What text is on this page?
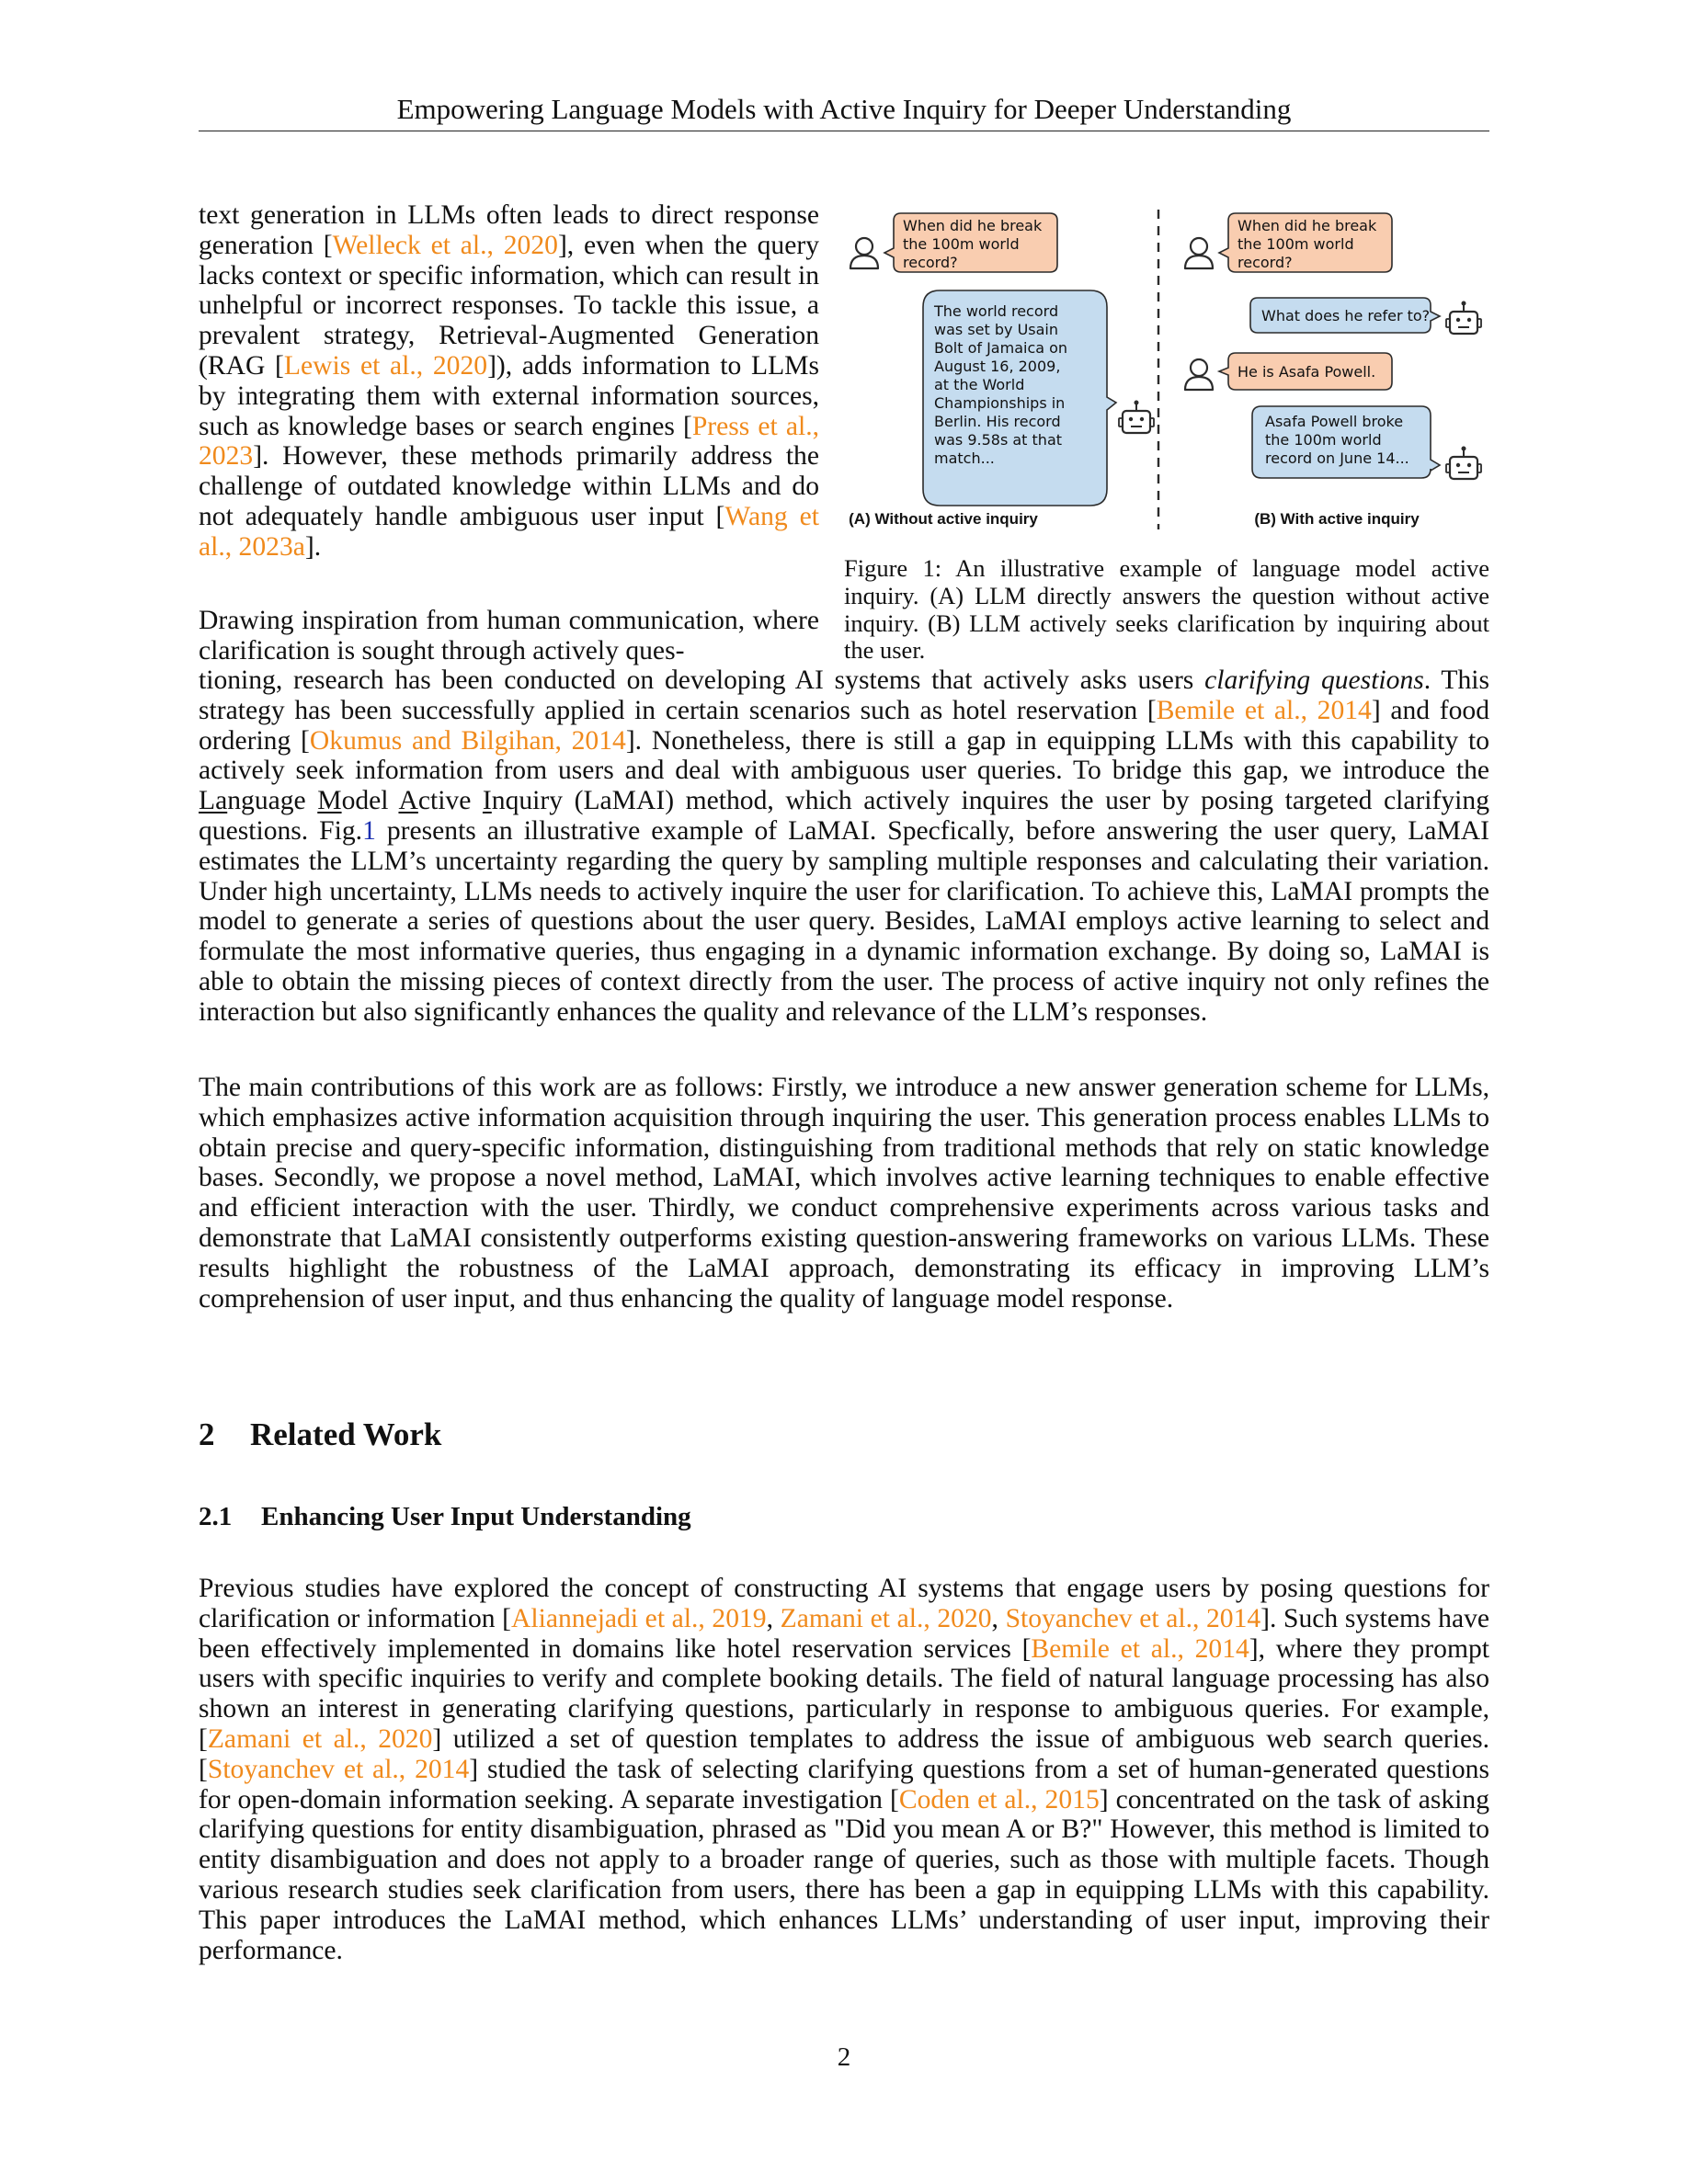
Empowering Language Models with Active Inquiry for Deeper Understanding

text generation in LLMs often leads to direct response generation [Welleck et al., 2020], even when the query lacks context or specific information, which can result in unhelpful or incorrect responses. To tackle this issue, a prevalent strategy, Retrieval-Augmented Generation (RAG [Lewis et al., 2020]), adds information to LLMs by integrating them with external information sources, such as knowledge bases or search engines [Press et al., 2023]. However, these methods primarily address the challenge of outdated knowledge within LLMs and do not adequately handle ambiguous user input [Wang et al., 2023a].

Drawing inspiration from human communication, where clarification is sought through actively ques-
When did he break
the 100m world
record?
The world record
was set by Usain
Bolt of Jamaica on
August 16, 2009,
at the World
Championships in
Berlin. His record
was 9.58s at that
match...
(A) Without active inquiry
When did he break
the 100m world
record?
What does he refer to?
He is Asafa Powell.
Asafa Powell broke
the 100m world
record on June 14...
(B) With active inquiry
Figure 1: An illustrative example of language model active inquiry. (A) LLM directly answers the question without active inquiry. (B) LLM actively seeks clarification by inquiring about the user.

tioning, research has been conducted on developing AI systems that actively asks users clarifying questions. This strategy has been successfully applied in certain scenarios such as hotel reservation [Bemile et al., 2014] and food ordering [Okumus and Bilgihan, 2014]. Nonetheless, there is still a gap in equipping LLMs with this capability to actively seek information from users and deal with ambiguous user queries. To bridge this gap, we introduce the Language Model Active Inquiry (LaMAI) method, which actively inquires the user by posing targeted clarifying questions. Fig.1 presents an illustrative example of LaMAI. Specfically, before answering the user query, LaMAI estimates the LLM’s uncertainty regarding the query by sampling multiple responses and calculating their variation. Under high uncertainty, LLMs needs to actively inquire the user for clarification. To achieve this, LaMAI prompts the model to generate a series of questions about the user query. Besides, LaMAI employs active learning to select and formulate the most informative queries, thus engaging in a dynamic information exchange. By doing so, LaMAI is able to obtain the missing pieces of context directly from the user. The process of active inquiry not only refines the interaction but also significantly enhances the quality and relevance of the LLM’s responses.

The main contributions of this work are as follows: Firstly, we introduce a new answer generation scheme for LLMs, which emphasizes active information acquisition through inquiring the user. This generation process enables LLMs to obtain precise and query-specific information, distinguishing from traditional methods that rely on static knowledge bases. Secondly, we propose a novel method, LaMAI, which involves active learning techniques to enable effective and efficient interaction with the user. Thirdly, we conduct comprehensive experiments across various tasks and demonstrate that LaMAI consistently outperforms existing question-answering frameworks on various LLMs. These results highlight the robustness of the LaMAI approach, demonstrating its efficacy in improving LLM’s comprehension of user input, and thus enhancing the quality of language model response.

2 Related Work
2.1 Enhancing User Input Understanding

Previous studies have explored the concept of constructing AI systems that engage users by posing questions for clarification or information [Aliannejadi et al., 2019, Zamani et al., 2020, Stoyanchev et al., 2014]. Such systems have been effectively implemented in domains like hotel reservation services [Bemile et al., 2014], where they prompt users with specific inquiries to verify and complete booking details. The field of natural language processing has also shown an interest in generating clarifying questions, particularly in response to ambiguous queries. For example, [Zamani et al., 2020] utilized a set of question templates to address the issue of ambiguous web search queries. [Stoyanchev et al., 2014] studied the task of selecting clarifying questions from a set of human-generated questions for open-domain information seeking. A separate investigation [Coden et al., 2015] concentrated on the task of asking clarifying questions for entity disambiguation, phrased as "Did you mean A or B?" However, this method is limited to entity disambiguation and does not apply to a broader range of queries, such as those with multiple facets. Though various research studies seek clarification from users, there has been a gap in equipping LLMs with this capability. This paper introduces the LaMAI method, which enhances LLMs’ understanding of user input, improving their performance.

2
